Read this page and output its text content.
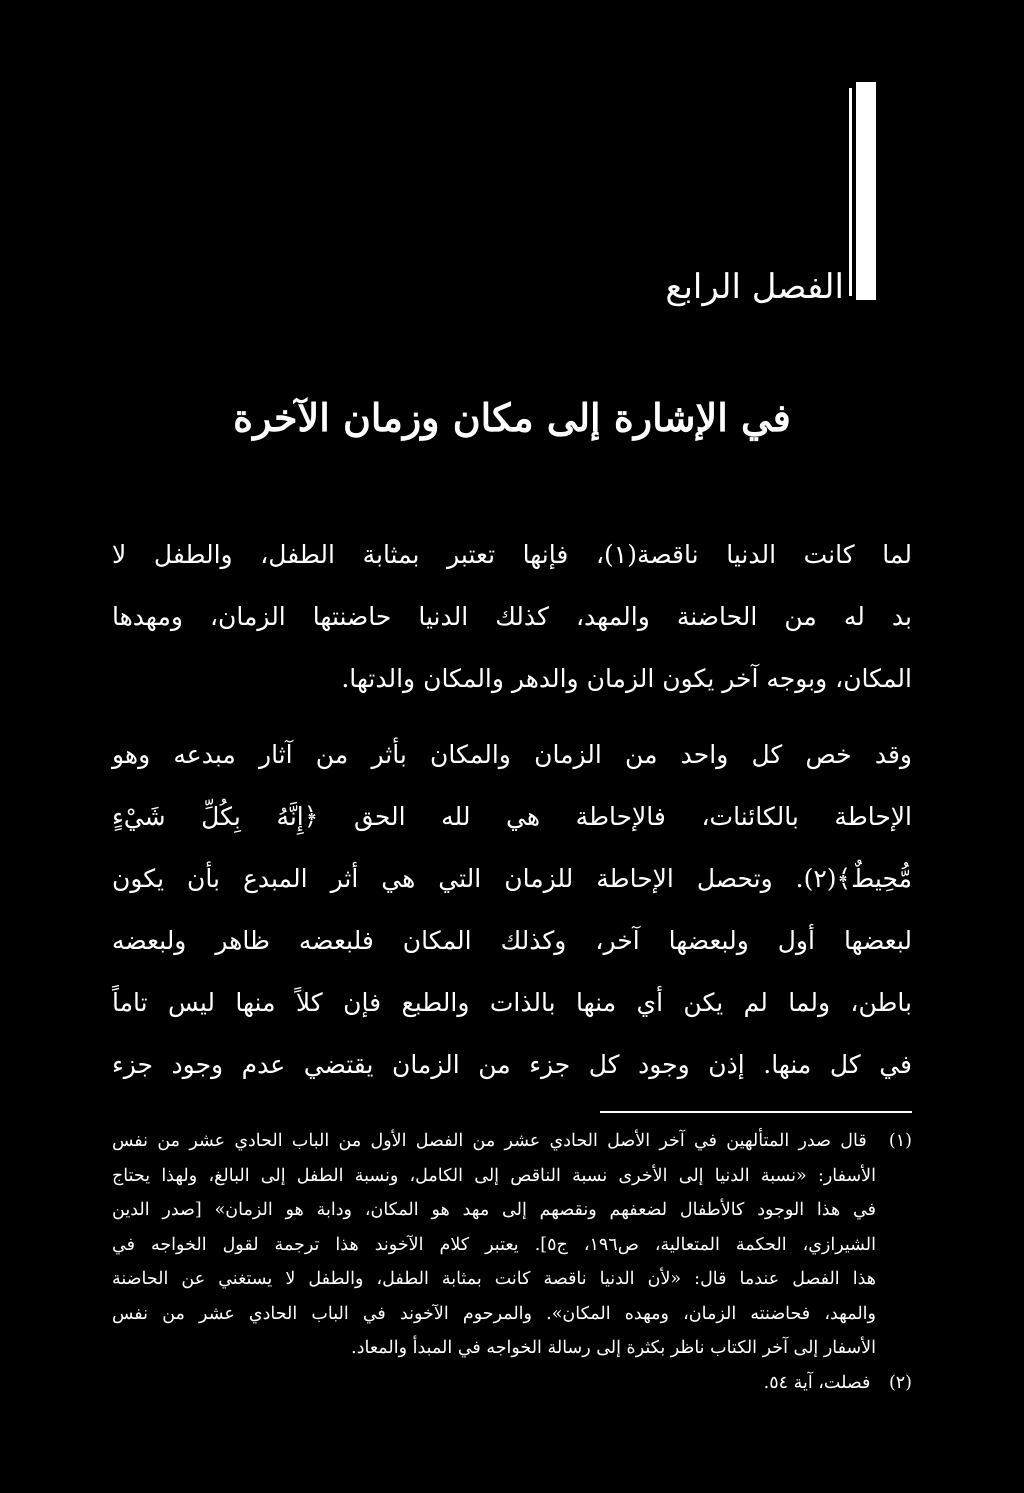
الفصل الرابع
في الإشارة إلى مكان وزمان الآخرة
لما كانت الدنيا ناقصة(١)، فإنها تعتبر بمثابة الطفل، والطفل لا
بد له من الحاضنة والمهد، كذلك الدنيا حاضنتها الزمان، ومهدها
المكان، وبوجه آخر يكون الزمان والدهر والمكان والدتها.
وقد خص كل واحد من الزمان والمكان بأثر من آثار مبدعه وهو
الإحاطة بالكائنات، فالإحاطة هي لله الحق ﴿إِنَّهُ بِكُلِّ شَيْءٍ
مُّحِيطٌ﴾(٢). وتحصل الإحاطة للزمان التي هي أثر المبدع بأن يكون
لبعضها أول ولبعضها آخر، وكذلك المكان فلبعضه ظاهر ولبعضه
باطن، ولما لم يكن أي منها بالذات والطبع فإن كلاً منها ليس تاماً
في كل منها. إذن وجود كل جزء من الزمان يقتضي عدم وجود جزء
(١) قال صدر المتألهين في آخر الأصل الحادي عشر من الفصل الأول من الباب الحادي عشر من نفس
الأسفار: «نسبة الدنيا إلى الأخرى نسبة الناقص إلى الكامل، ونسبة الطفل إلى البالغ، ولهذا يحتاج
في هذا الوجود كالأطفال لضعفهم ونقصهم إلى مهد هو المكان، ودابة هو الزمان» [صدر الدين
الشيرازي، الحكمة المتعالية، ص١٩٦، ج٥]. يعتبر كلام الآخوند هذا ترجمة لقول الخواجه في
هذا الفصل عندما قال: «لأن الدنيا ناقصة كانت بمثابة الطفل، والطفل لا يستغني عن الحاضنة
والمهد، فحاضنته الزمان، ومهده المكان». والمرحوم الآخوند في الباب الحادي عشر من نفس
الأسفار إلى آخر الكتاب ناظر بكثرة إلى رسالة الخواجه في المبدأ والمعاد.
(٢) فصلت، آية ٥٤.
